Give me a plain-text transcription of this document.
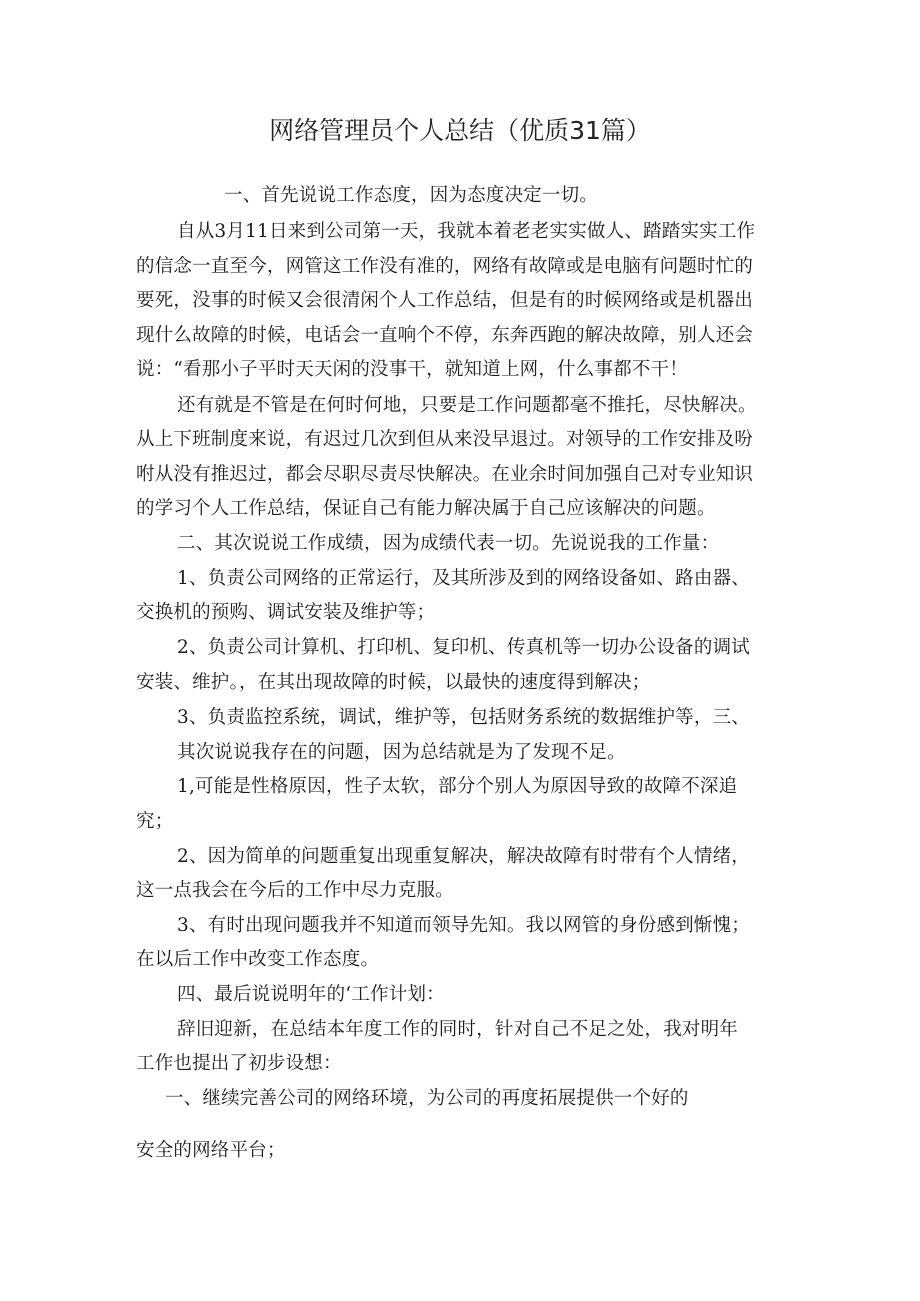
网络管理员个人总结（优质31篇）
一、首先说说工作态度，因为态度决定一切。
自从3月11日来到公司第一天，我就本着老老实实做人、踏踏实实工作
的信念一直至今，网管这工作没有准的，网络有故障或是电脑有问题时忙的
要死，没事的时候又会很清闲个人工作总结，但是有的时候网络或是机器出
现什么故障的时候，电话会一直响个不停，东奔西跑的解决故障，别人还会
说：“看那小子平时天天闲的没事干，就知道上网，什么事都不干！
还有就是不管是在何时何地，只要是工作问题都毫不推托，尽快解决。
从上下班制度来说，有迟过几次到但从来没早退过。对领导的工作安排及吩
咐从没有推迟过，都会尽职尽责尽快解决。在业余时间加强自己对专业知识
的学习个人工作总结，保证自己有能力解决属于自己应该解决的问题。
二、其次说说工作成绩，因为成绩代表一切。先说说我的工作量：
1、负责公司网络的正常运行，及其所涉及到的网络设备如、路由器、
交换机的预购、调试安装及维护等；
2、负责公司计算机、打印机、复印机、传真机等一切办公设备的调试
安装、维护。，在其出现故障的时候，以最快的速度得到解决；
3、负责监控系统，调试，维护等，包括财务系统的数据维护等，三、
其次说说我存在的问题，因为总结就是为了发现不足。
1,可能是性格原因，性子太软，部分个别人为原因导致的故障不深追
究；
2、因为简单的问题重复出现重复解决，解决故障有时带有个人情绪，
这一点我会在今后的工作中尽力克服。
3、有时出现问题我并不知道而领导先知。我以网管的身份感到惭愧；
在以后工作中改变工作态度。
四、最后说说明年的‘工作计划：
辞旧迎新，在总结本年度工作的同时，针对自己不足之处，我对明年
工作也提出了初步设想：
一、继续完善公司的网络环境，为公司的再度拓展提供一个好的
安全的网络平台；
